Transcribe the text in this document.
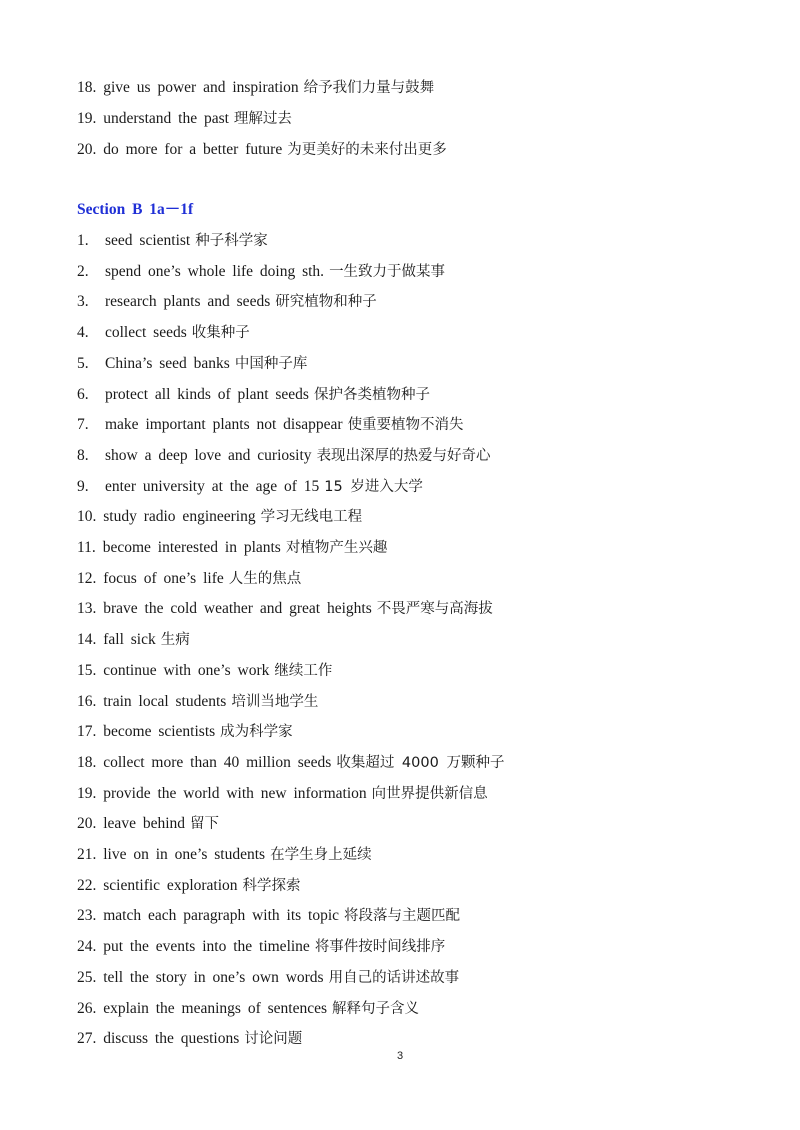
18. give us power and inspiration 给予我们力量与鼓舞
19. understand the past 理解过去
20. do more for a better future 为更美好的未来付出更多
Section B 1a－1f
1. seed scientist 种子科学家
2. spend one’s whole life doing sth. 一生致力于做某事
3. research plants and seeds 研究植物和种子
4. collect seeds 收集种子
5. China’s seed banks 中国种子库
6. protect all kinds of plant seeds 保护各类植物种子
7. make important plants not disappear 使重要植物不消失
8. show a deep love and curiosity 表现出深厚的热爱与好奇心
9. enter university at the age of 15 15 岁进入大学
10. study radio engineering 学习无线电工程
11. become interested in plants 对植物产生兴趣
12. focus of one’s life 人生的焦点
13. brave the cold weather and great heights 不畏严寒与高海拔
14. fall sick 生病
15. continue with one’s work 继续工作
16. train local students 培训当地学生
17. become scientists 成为科学家
18. collect more than 40 million seeds 收集超过 4000 万颗种子
19. provide the world with new information 向世界提供新信息
20. leave behind 留下
21. live on in one’s students 在学生身上延续
22. scientific exploration 科学探索
23. match each paragraph with its topic 将段落与主题匹配
24. put the events into the timeline 将事件按时间线排序
25. tell the story in one’s own words 用自己的话讲述故事
26. explain the meanings of sentences 解释句子含义
27. discuss the questions 讨论问题
3
